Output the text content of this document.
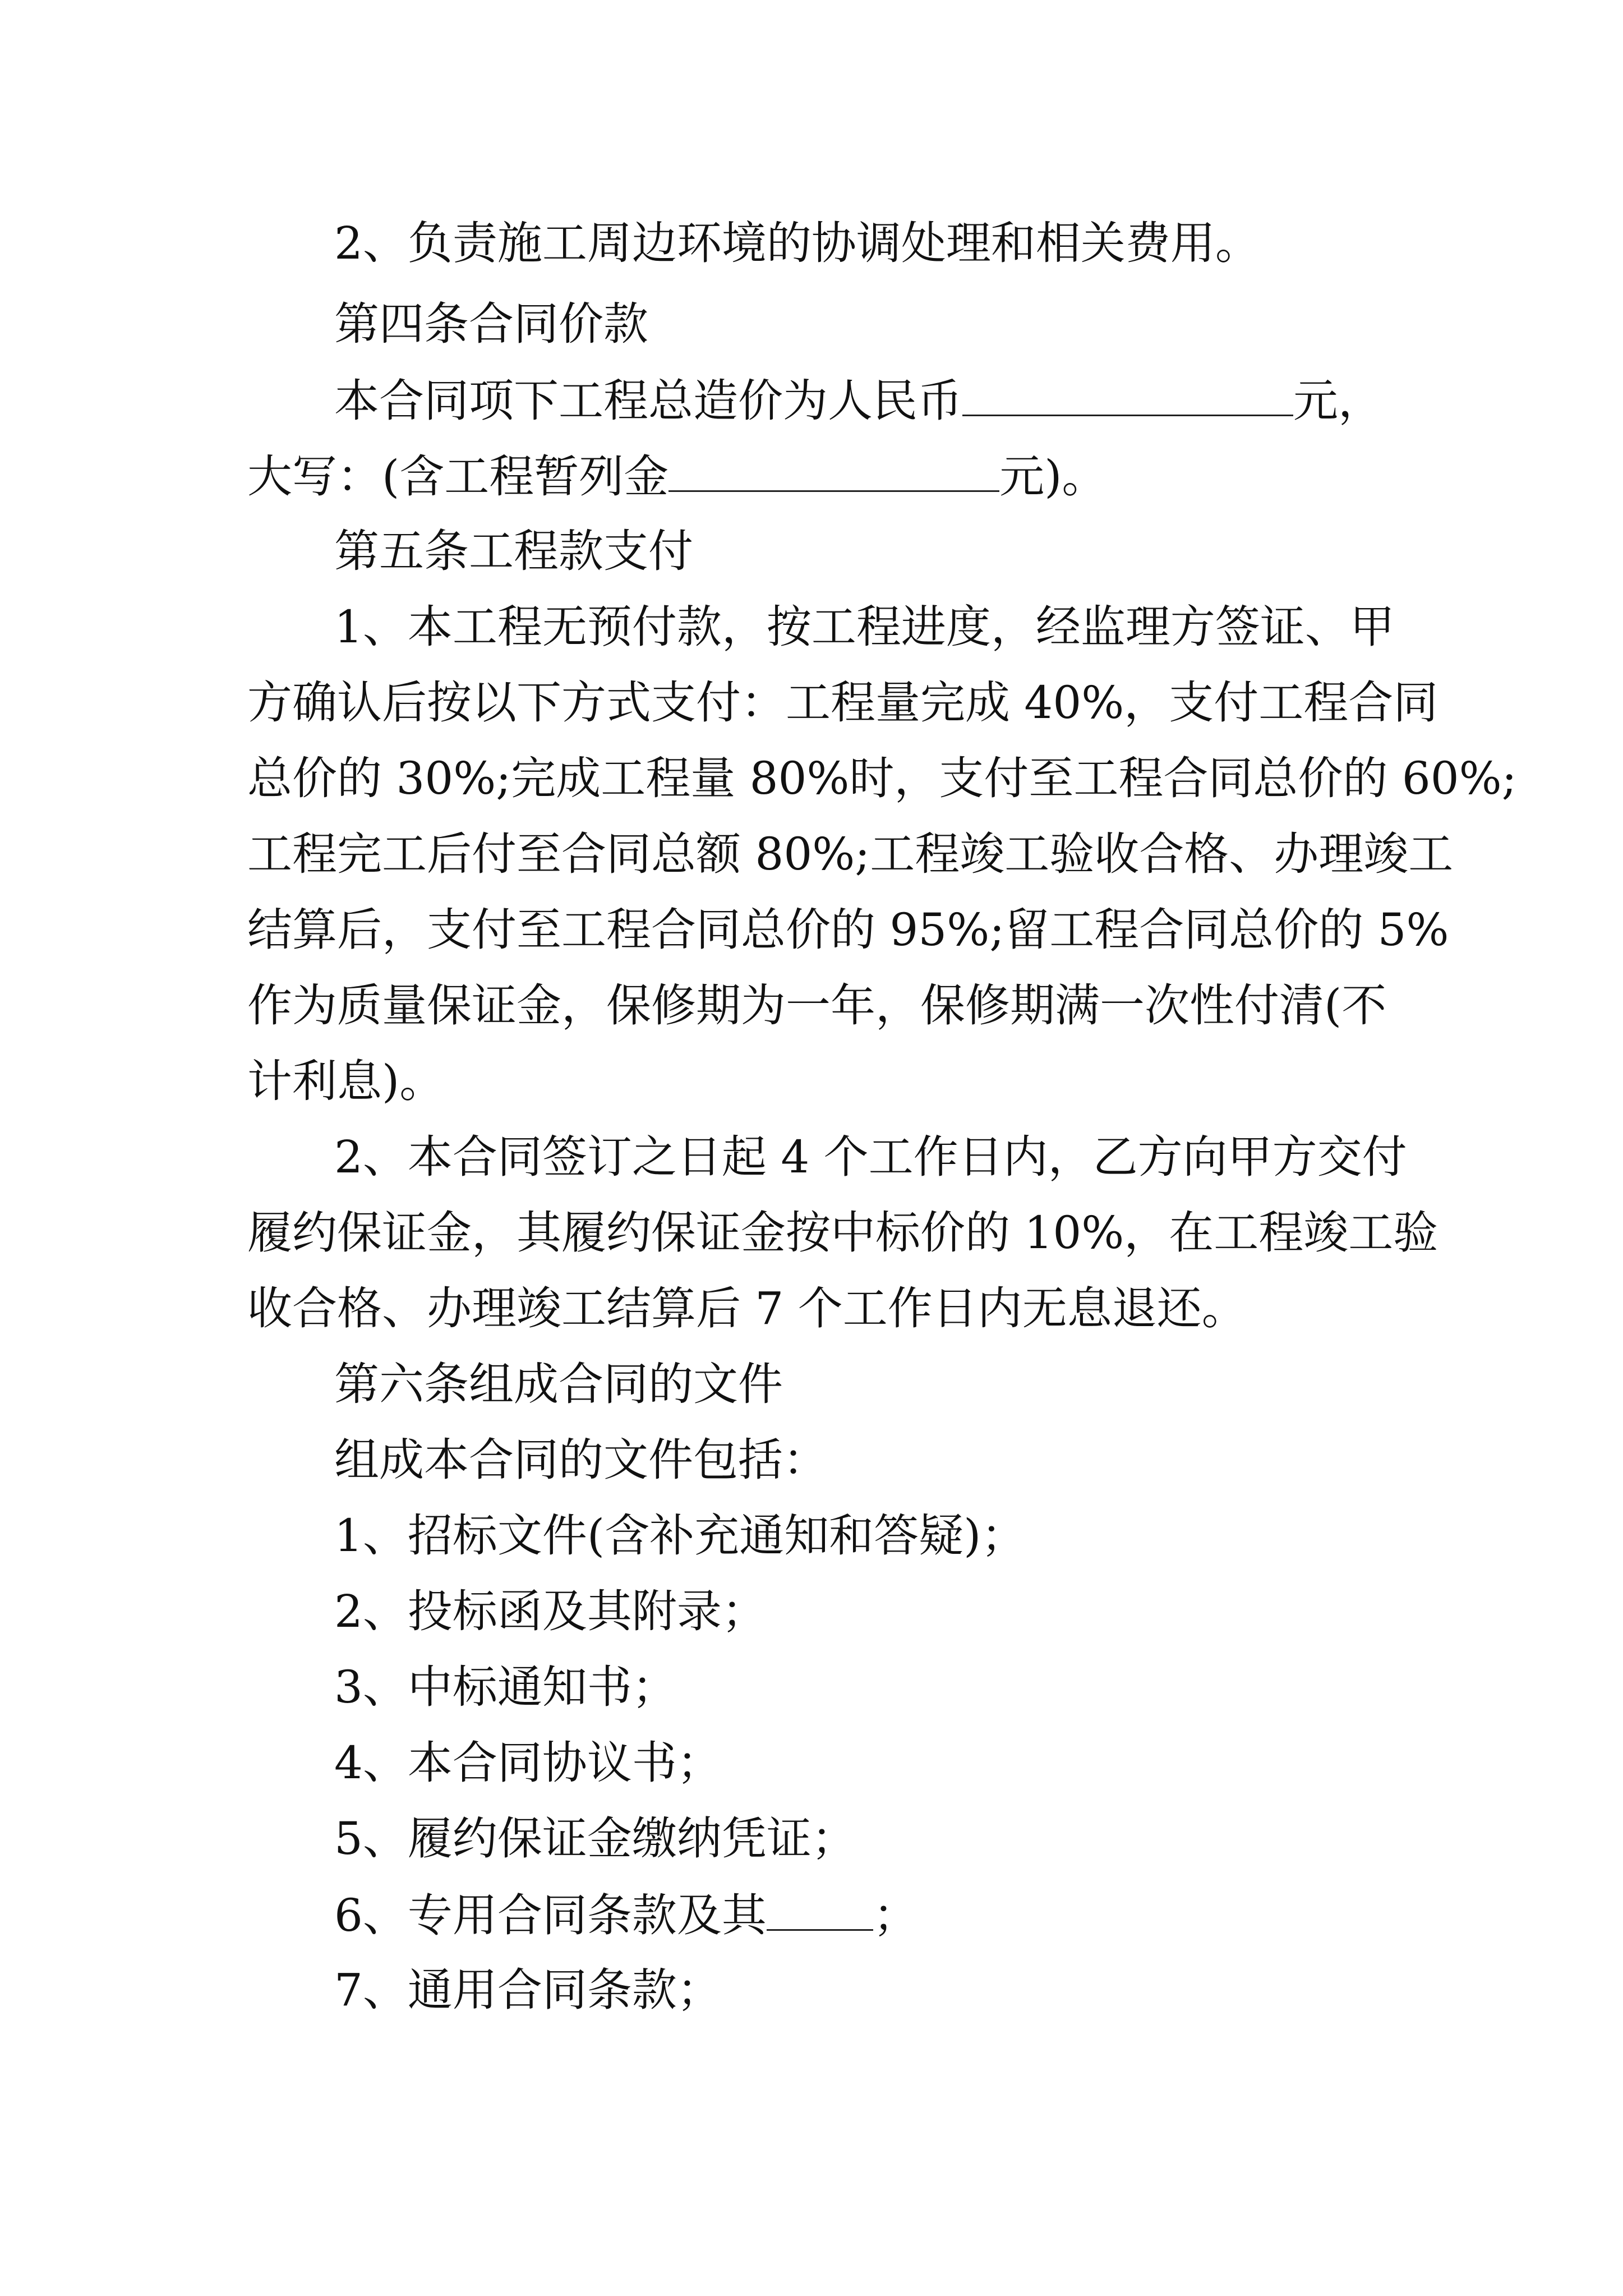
2、负责施工周边环境的协调处理和相关费用。
第四条合同价款
本合同项下工程总造价为人民币	元，
大写：(含工程暂列金	元)。
第五条工程款支付
1、本工程无预付款，按工程进度，经监理方签证、甲
方确认后按以下方式支付：工程量完成 40%，支付工程合同
总价的 30%;完成工程量 80%时，支付至工程合同总价的 60%;
工程完工后付至合同总额 80%;工程竣工验收合格、办理竣工
结算后，支付至工程合同总价的 95%;留工程合同总价的 5%
作为质量保证金，保修期为一年，保修期满一次性付清(不
计利息)。
2、本合同签订之日起 4 个工作日内，乙方向甲方交付
履约保证金，其履约保证金按中标价的 10%，在工程竣工验
收合格、办理竣工结算后 7 个工作日内无息退还。
第六条组成合同的文件
组成本合同的文件包括：
1、招标文件(含补充通知和答疑)；
2、投标函及其附录；
3、中标通知书；
4、本合同协议书；
5、履约保证金缴纳凭证；
6、专用合同条款及其 ；
7、通用合同条款；
